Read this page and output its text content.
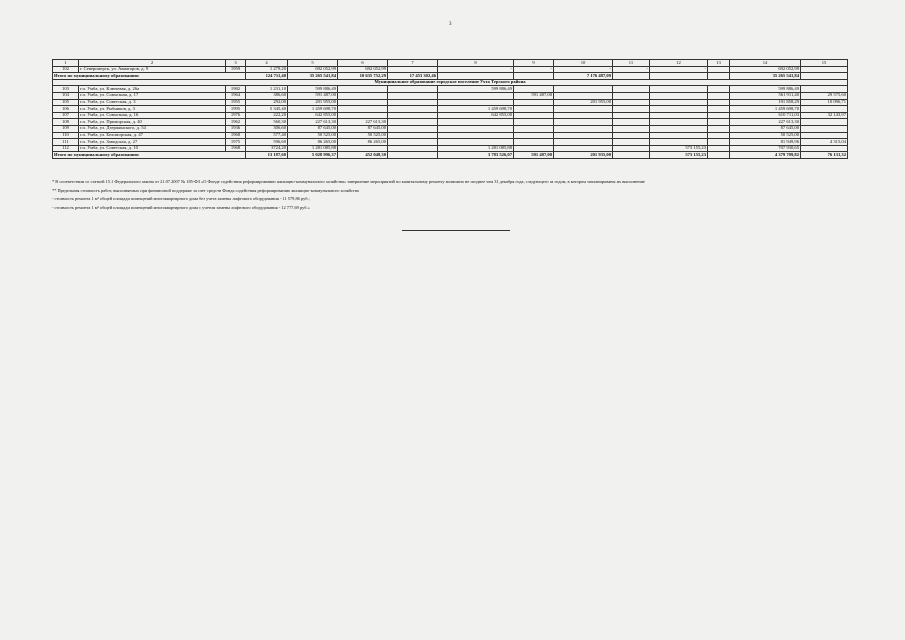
3
1	2	3	4	5	6	7	8	9	10	11	12	13	14	15
102	г. Северомерск, ул. Авиагоров, д. 9	1959	1 279,20	692 052,99	692 052,99		-	-	-	-	-		692 052,99	
Итого по муниципальному образованию:			124 711,40	35 265 541,84	10 635 752,29	17 453 302,46			7 176 487,09				35 265 541,84	
Муниципальное образование городское поселение Ухта Терского района														
103	г.п. Умба, ул. Ключевая, д. 26а	1982	1 231,10	599 886,49			599 886,49						599 886,49	
104	г.п. Умба, ул. Совхозная, д. 17	1964	386,60	591 487,00				591 487,00					561 911,40	29 575,60
105	г.п. Умба, ул. Советская, д. 3	1955	292,00	201 955,00					201 955,00				191 858,29	10 096,71
106	г.п. Умба, ул. Рыбников, д. 3	1995	5 345,40	1 459 698,70			1 459 698,70						1 459 698,70	
107	г.п. Умба, ул. Совхозная, д. 16	1976	222,20	642 855,00			642 855,00						610 711,03	32 143,97
108	г.п. Умба, ул. Приморская, д. 40	1962	560,30	227 613,30	227 613,30								227 613,30	
109	г.п. Умба, ул. Дзержинского, д. 54	1936	306,60	87 645,00	87 645,00								87 645,00	
110	г.п. Умба, ул. Беломорская, д. 47	1968	577,40	50 525,00	50 525,00								50 525,00	
111	г.п. Умба, ул. Заводская, д. 27	1975	596,60	86 265,00	86 265,00								81 949,96	4 315,04
112	г.п. Умба, ул. Советская, д. 10	1968	3724,20	1 281 085,88			1 281 085,88				573 155,23		707 930,65	
Итого по муниципальному образованию:			13 187,60	5 028 996,37	452 048,30		3 783 526,07	591 487,00	201 935,00		573 155,23		4 379 709,82	76 131,32

* В соответствии со статьей 15.1 Федерального закона от 21.07.2007 № 185-ФЗ «О Фонде содействия реформированию жилищно-коммунального хозяйства» завершение мероприятий по капитальному ремонту возможно не позднее чем 31 декабря года, следующего за годом, в котором запланированы их выполнение

** Предельная стоимость работ, выполняемых при финансовой поддержке за счет средств Фонда содействия реформированию жилищно-коммунального хозяйства

- стоимость ремонта 1 м² общей площади помещений многоквартирного дома без учета замены лифтового оборудования - 11 579,86 руб.;

- стоимость ремонта 1 м² общей площади помещений многоквартирного дома с учетом замены лифтового оборудования - 12 777,69 руб.»
